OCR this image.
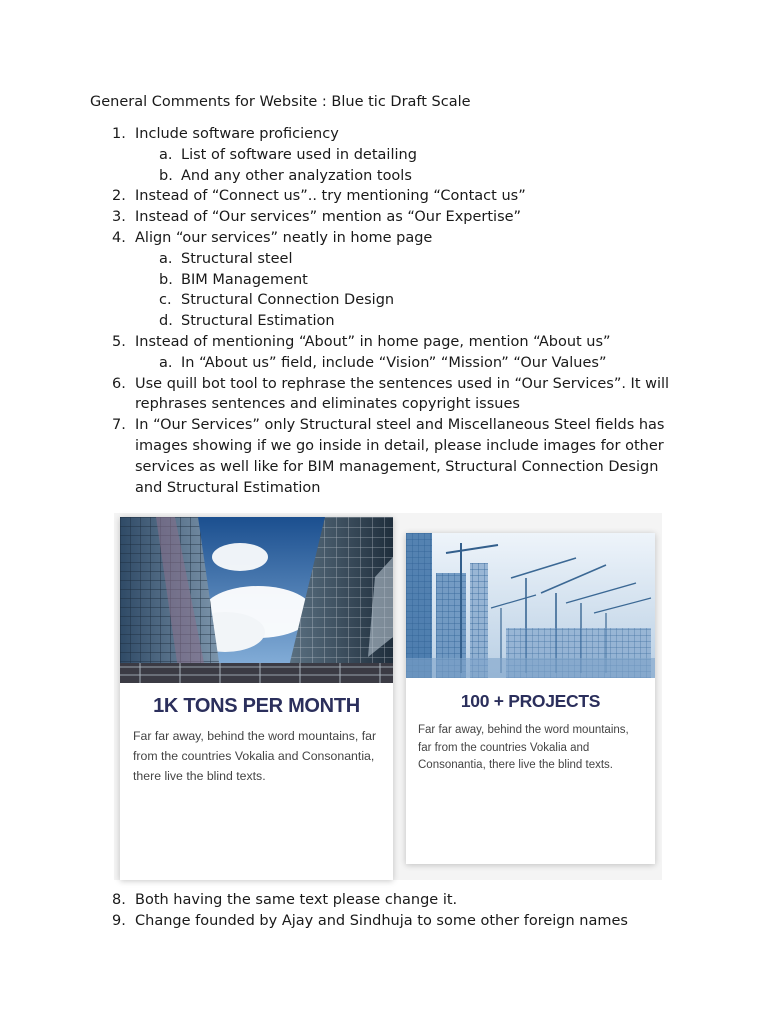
General Comments for Website : Blue tic Draft Scale
1. Include software proficiency
a. List of software used in detailing
b. And any other analyzation tools
2. Instead of “Connect us”.. try mentioning “Contact us”
3. Instead of “Our services” mention as “Our Expertise”
4. Align “our services” neatly in home page
a. Structural steel
b. BIM Management
c. Structural Connection Design
d. Structural Estimation
5. Instead of mentioning “About” in home page, mention “About us”
a. In “About us” field, include “Vision” “Mission” “Our Values”
6. Use quill bot tool to rephrase the sentences used in “Our Services”. It will rephrases sentences and eliminates copyright issues
7. In “Our Services” only Structural steel and Miscellaneous Steel fields has images showing if we go inside in detail, please include images for other services as well like for BIM management, Structural Connection Design and Structural Estimation
1K TONS PER MONTH

Far far away, behind the word mountains, far from the countries Vokalia and Consonantia, there live the blind texts.

100 + PROJECTS

Far far away, behind the word mountains, far from the countries Vokalia and Consonantia, there live the blind texts.

8. Both having the same text please change it.
9. Change founded by Ajay and Sindhuja to some other foreign names
